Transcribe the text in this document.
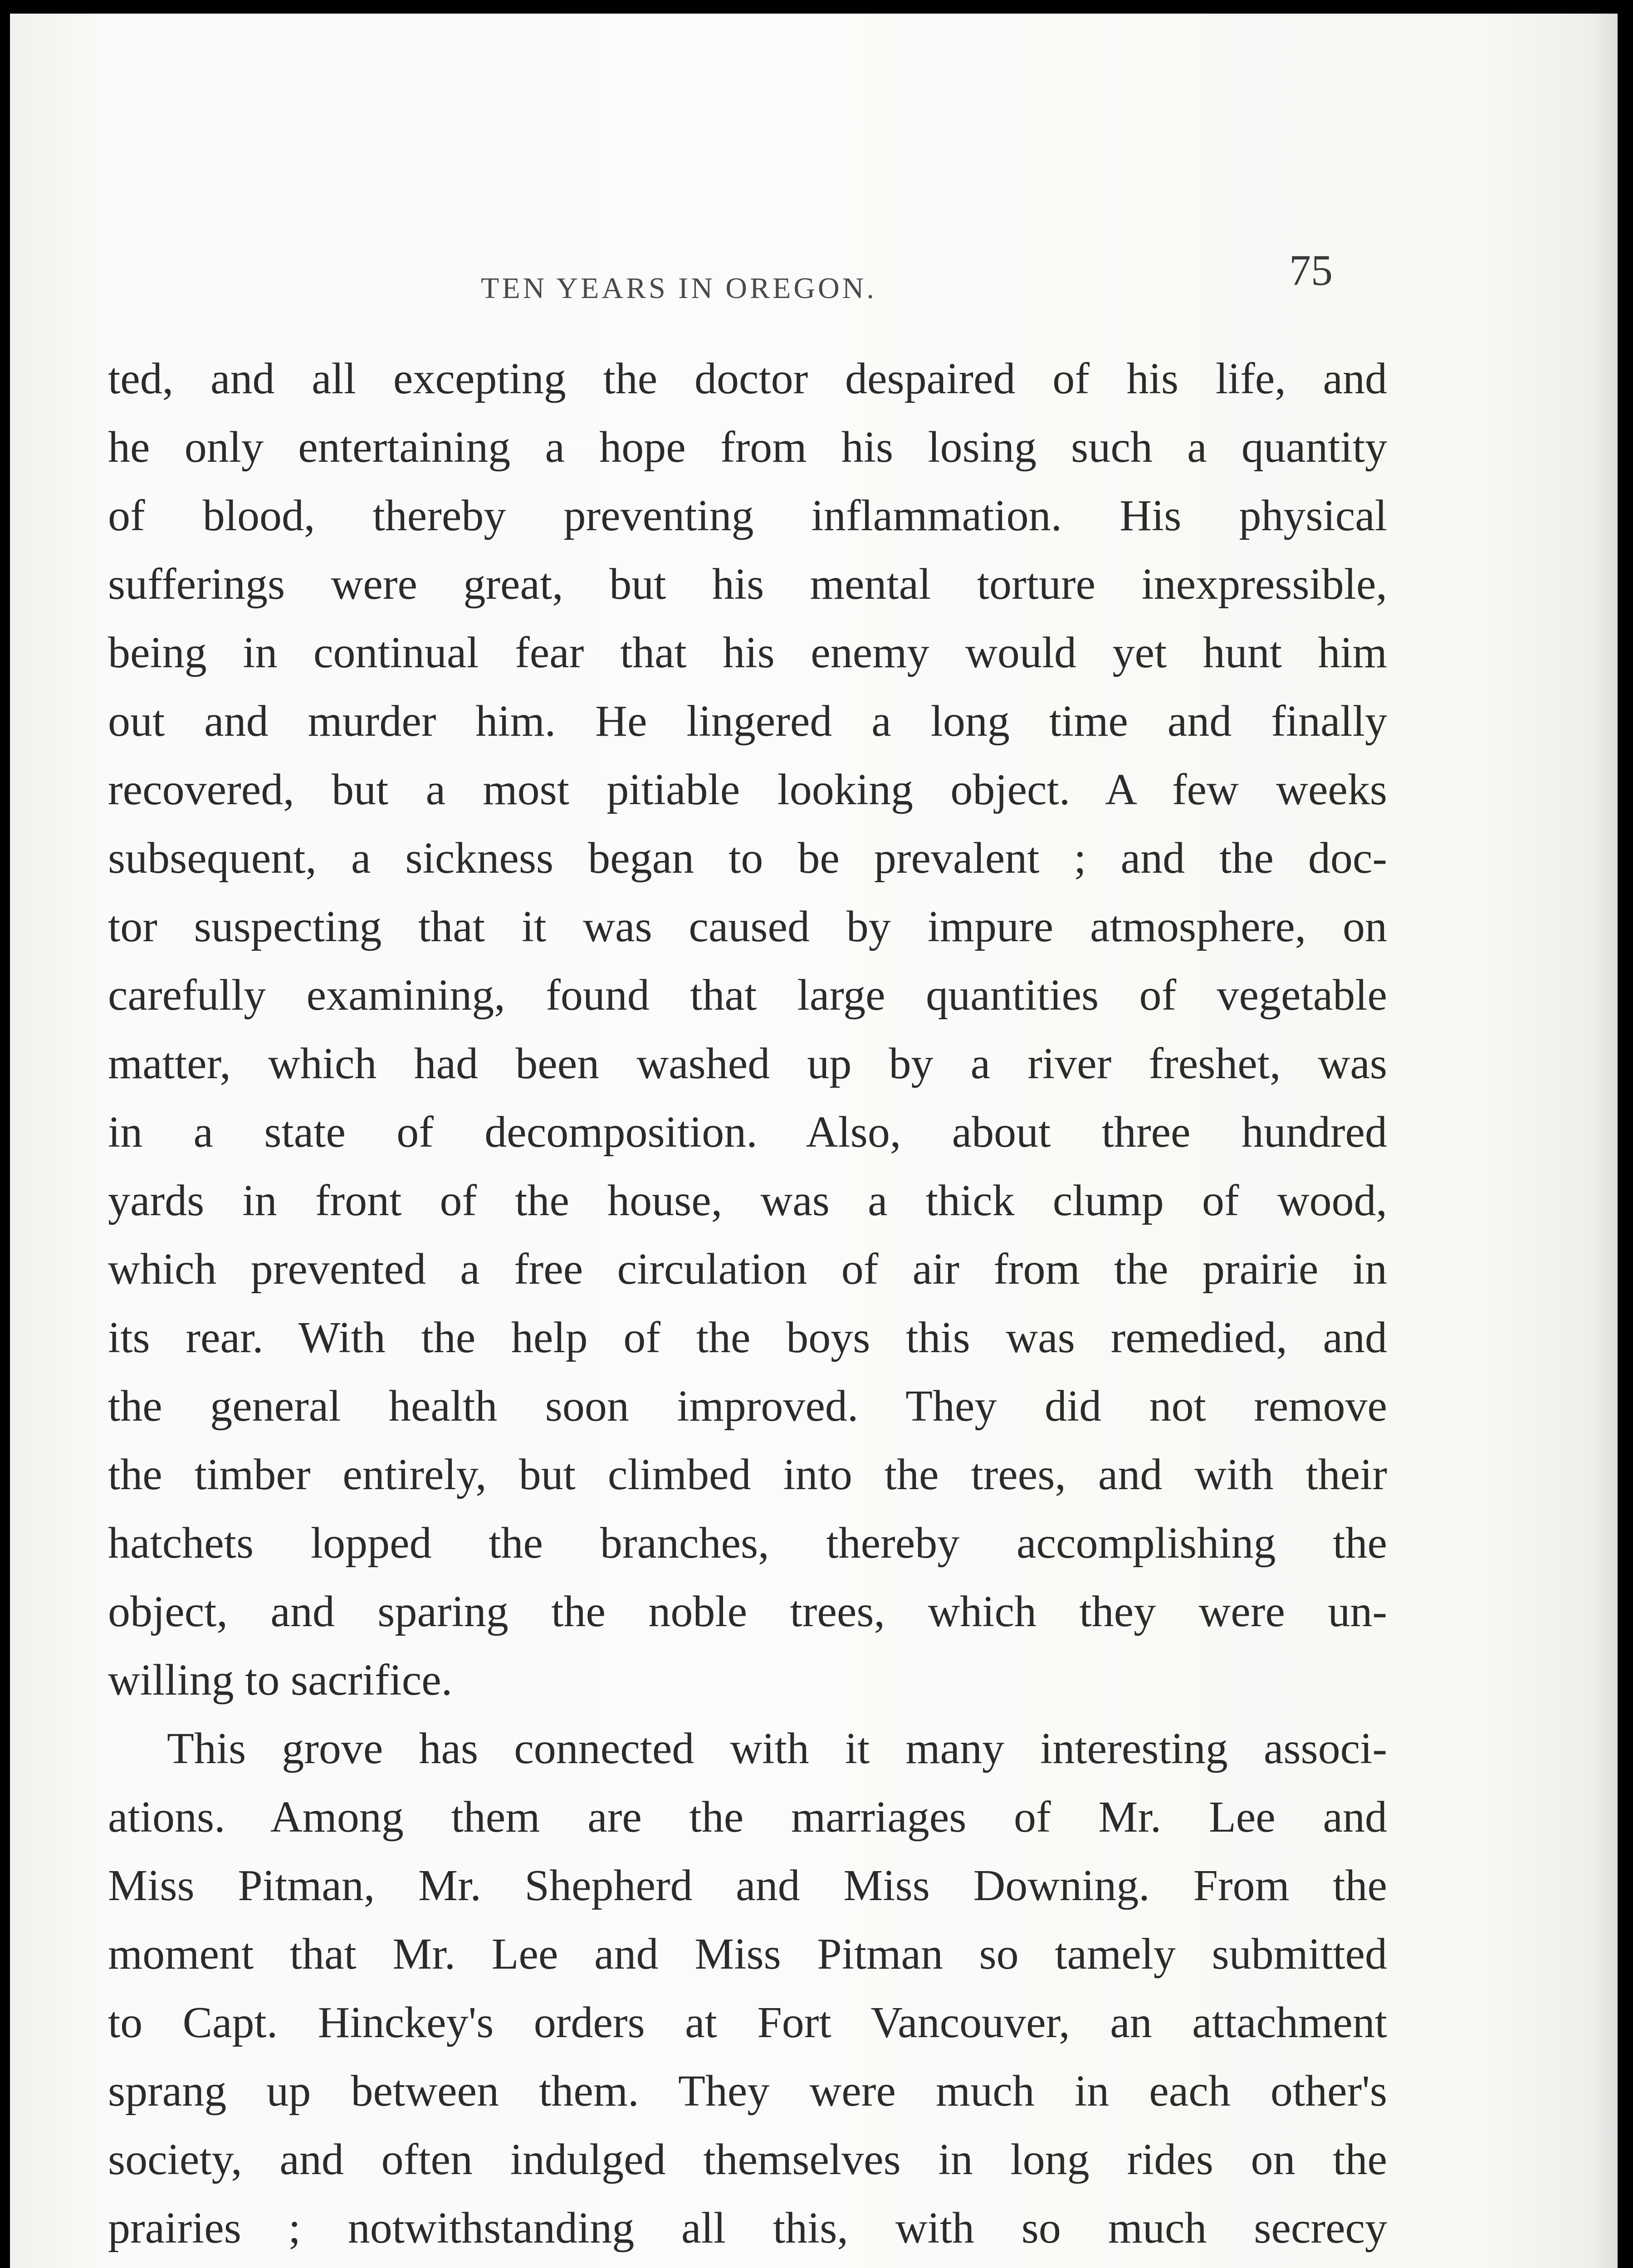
TEN YEARS IN OREGON.	75
ted, and all excepting the doctor despaired of his life, and
he only entertaining a hope from his losing such a quantity
of blood, thereby preventing inflammation. His physical
sufferings were great, but his mental torture inexpressible,
being in continual fear that his enemy would yet hunt him
out and murder him. He lingered a long time and finally
recovered, but a most pitiable looking object. A few weeks
subsequent, a sickness began to be prevalent ; and the doc-
tor suspecting that it was caused by impure atmosphere, on
carefully examining, found that large quantities of vegetable
matter, which had been washed up by a river freshet, was
in a state of decomposition. Also, about three hundred
yards in front of the house, was a thick clump of wood,
which prevented a free circulation of air from the prairie in
its rear. With the help of the boys this was remedied, and
the general health soon improved. They did not remove
the timber entirely, but climbed into the trees, and with their
hatchets lopped the branches, thereby accomplishing the
object, and sparing the noble trees, which they were un-
willing to sacrifice.
This grove has connected with it many interesting associ-
ations. Among them are the marriages of Mr. Lee and
Miss Pitman, Mr. Shepherd and Miss Downing. From the
moment that Mr. Lee and Miss Pitman so tamely submitted
to Capt. Hinckey's orders at Fort Vancouver, an attachment
sprang up between them. They were much in each other's
society, and often indulged themselves in long rides on the
prairies ; notwithstanding all this, with so much secrecy
